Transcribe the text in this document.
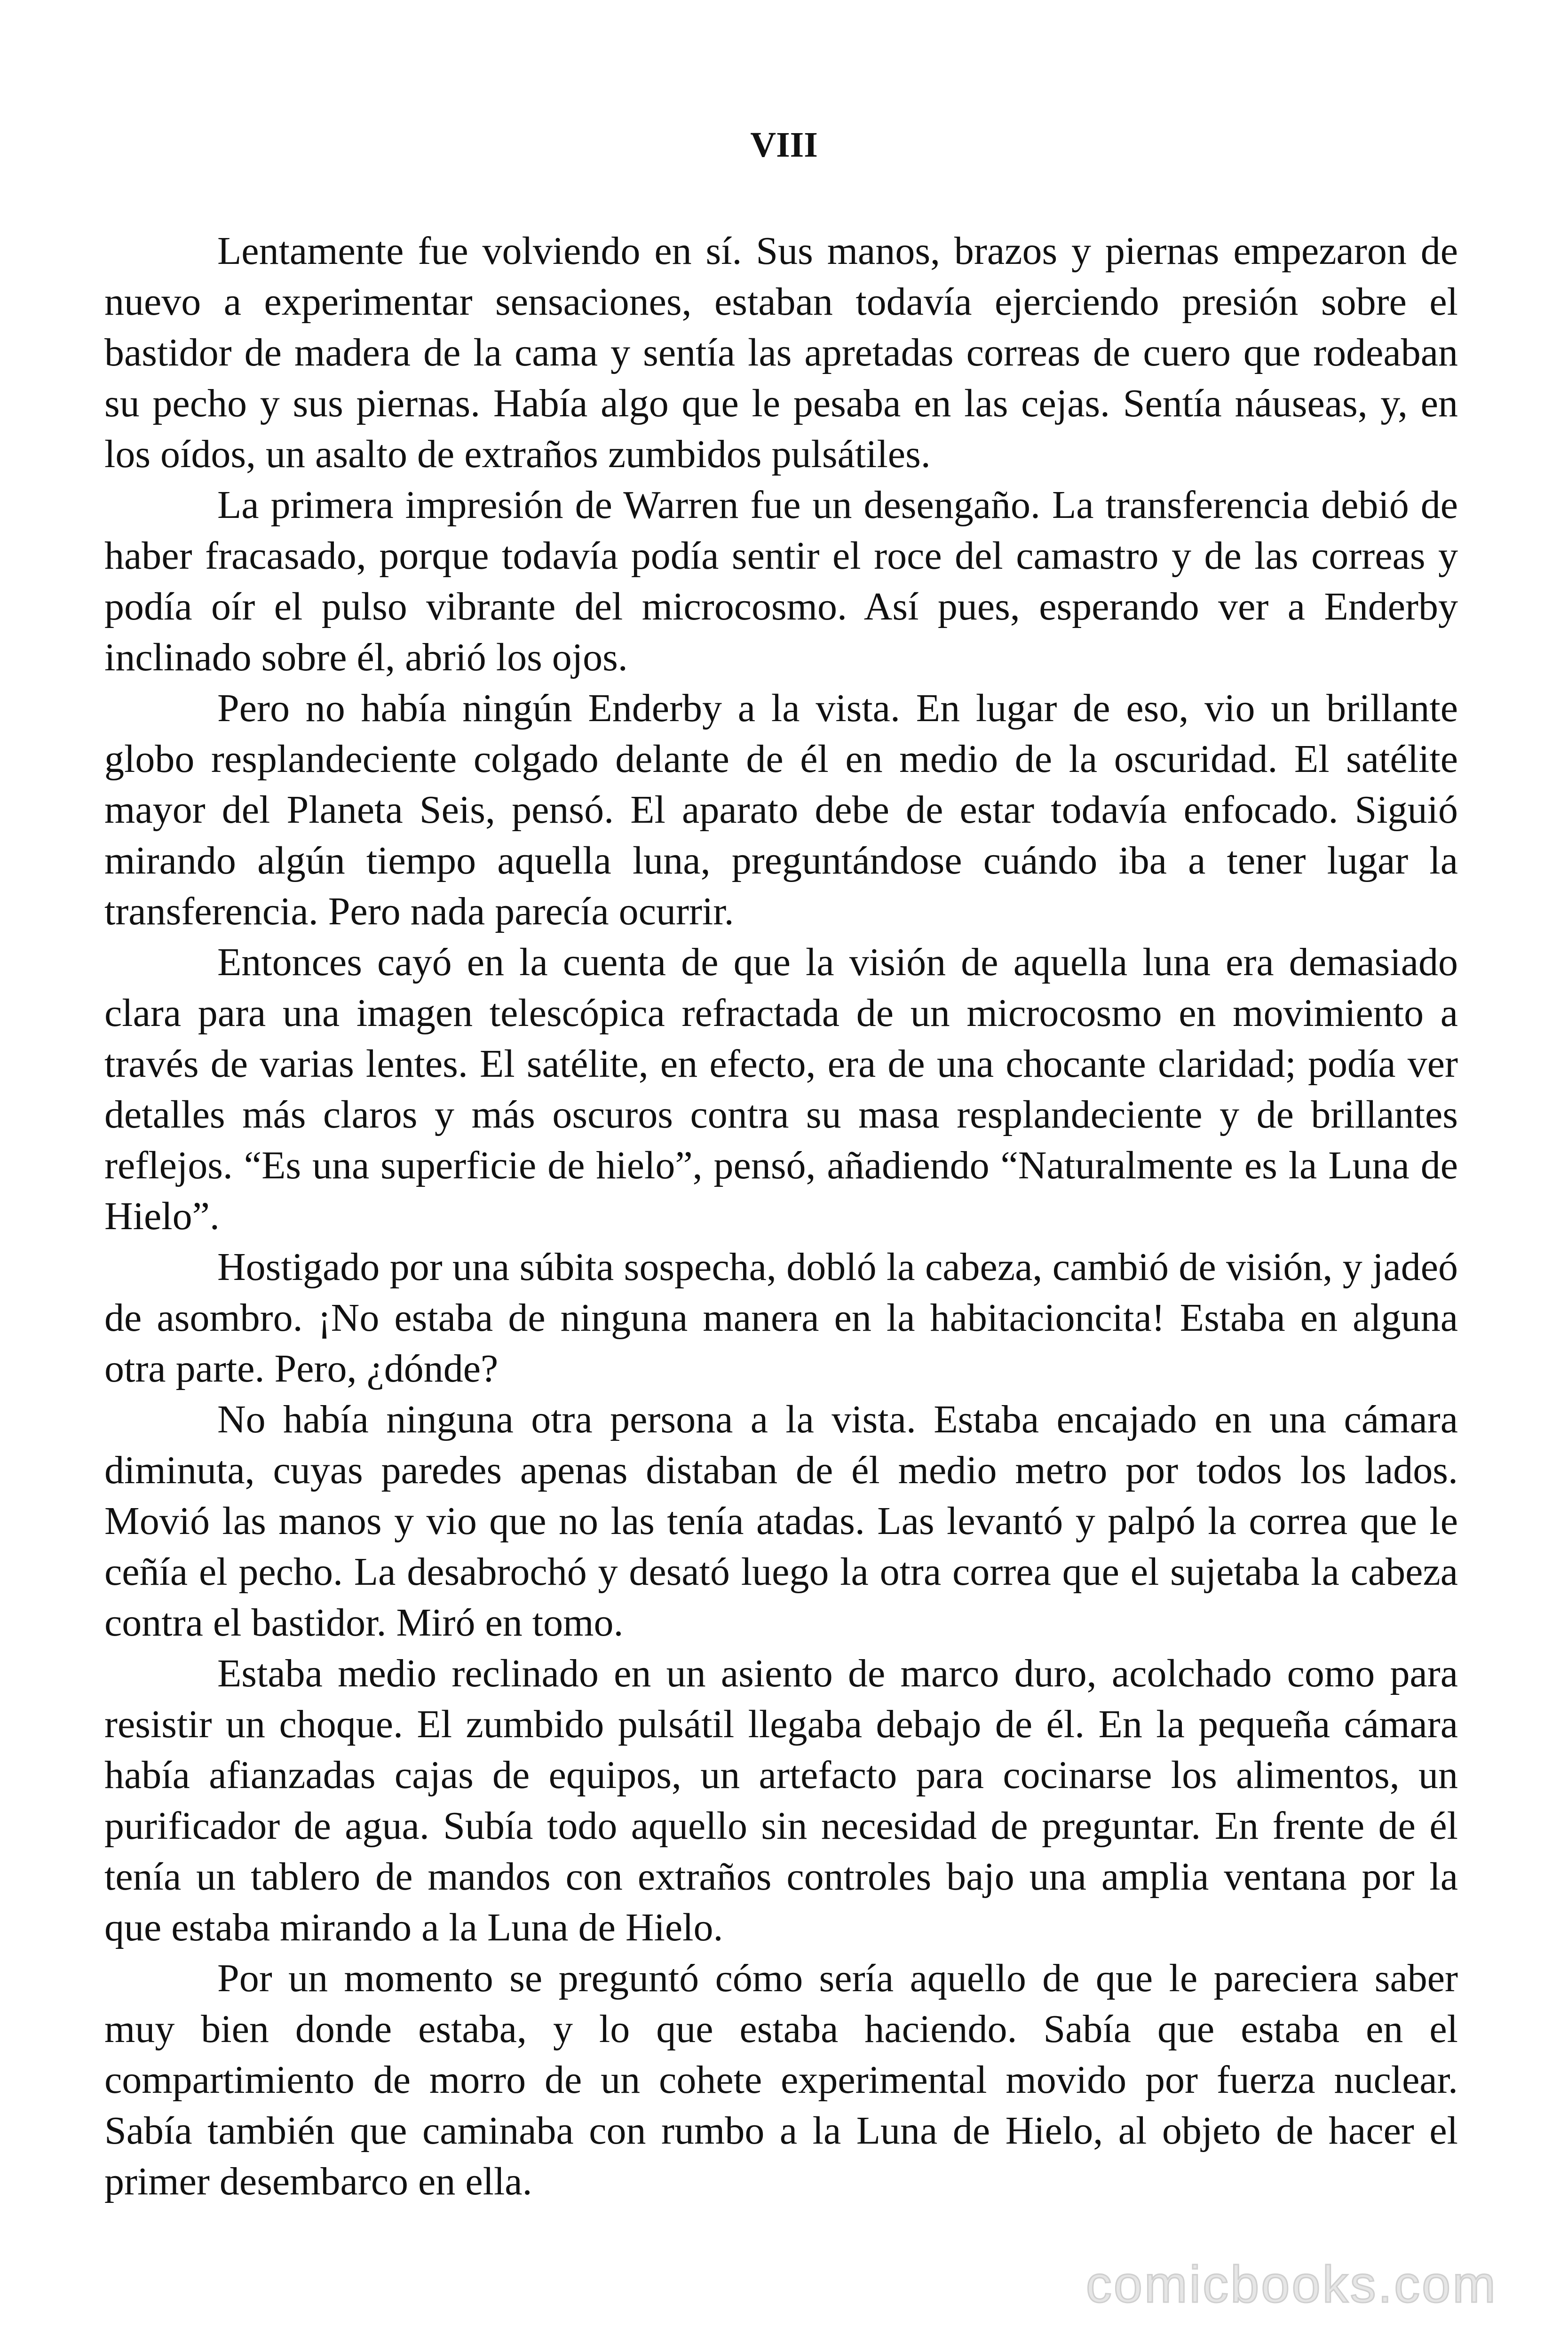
VIII

Lentamente fue volviendo en sí. Sus manos, brazos y piernas empezaron de nuevo a experimentar sensaciones, estaban todavía ejerciendo presión sobre el bastidor de madera de la cama y sentía las apretadas correas de cuero que rodeaban su pecho y sus piernas. Había algo que le pesaba en las cejas. Sentía náuseas, y, en los oídos, un asalto de extraños zumbidos pulsátiles.

La primera impresión de Warren fue un desengaño. La transferencia debió de haber fracasado, porque todavía podía sentir el roce del camastro y de las correas y podía oír el pulso vibrante del microcosmo. Así pues, esperando ver a Enderby inclinado sobre él, abrió los ojos.

Pero no había ningún Enderby a la vista. En lugar de eso, vio un brillante globo resplandeciente colgado delante de él en medio de la oscuridad. El satélite mayor del Planeta Seis, pensó. El aparato debe de estar todavía enfocado. Siguió mirando algún tiempo aquella luna, preguntándose cuándo iba a tener lugar la transferencia. Pero nada parecía ocurrir.

Entonces cayó en la cuenta de que la visión de aquella luna era demasiado clara para una imagen telescópica refractada de un microcosmo en movimiento a través de varias lentes. El satélite, en efecto, era de una chocante claridad; podía ver detalles más claros y más oscuros contra su masa resplandeciente y de brillantes reflejos. “Es una superficie de hielo”, pensó, añadiendo “Naturalmente es la Luna de Hielo”.

Hostigado por una súbita sospecha, dobló la cabeza, cambió de visión, y jadeó de asombro. ¡No estaba de ninguna manera en la habitacioncita! Estaba en alguna otra parte. Pero, ¿dónde?

No había ninguna otra persona a la vista. Estaba encajado en una cámara diminuta, cuyas paredes apenas distaban de él medio metro por todos los lados. Movió las manos y vio que no las tenía atadas. Las levantó y palpó la correa que le ceñía el pecho. La desabrochó y desató luego la otra correa que el sujetaba la cabeza contra el bastidor. Miró en tomo.

Estaba medio reclinado en un asiento de marco duro, acolchado como para resistir un choque. El zumbido pulsátil llegaba debajo de él. En la pequeña cámara había afianzadas cajas de equipos, un artefacto para cocinarse los alimentos, un purificador de agua. Subía todo aquello sin necesidad de preguntar. En frente de él tenía un tablero de mandos con extraños controles bajo una amplia ventana por la que estaba mirando a la Luna de Hielo.

Por un momento se preguntó cómo sería aquello de que le pareciera saber muy bien donde estaba, y lo que estaba haciendo. Sabía que estaba en el compartimiento de morro de un cohete experimental movido por fuerza nuclear. Sabía también que caminaba con rumbo a la Luna de Hielo, al objeto de hacer el primer desembarco en ella.

comicbooks.com
